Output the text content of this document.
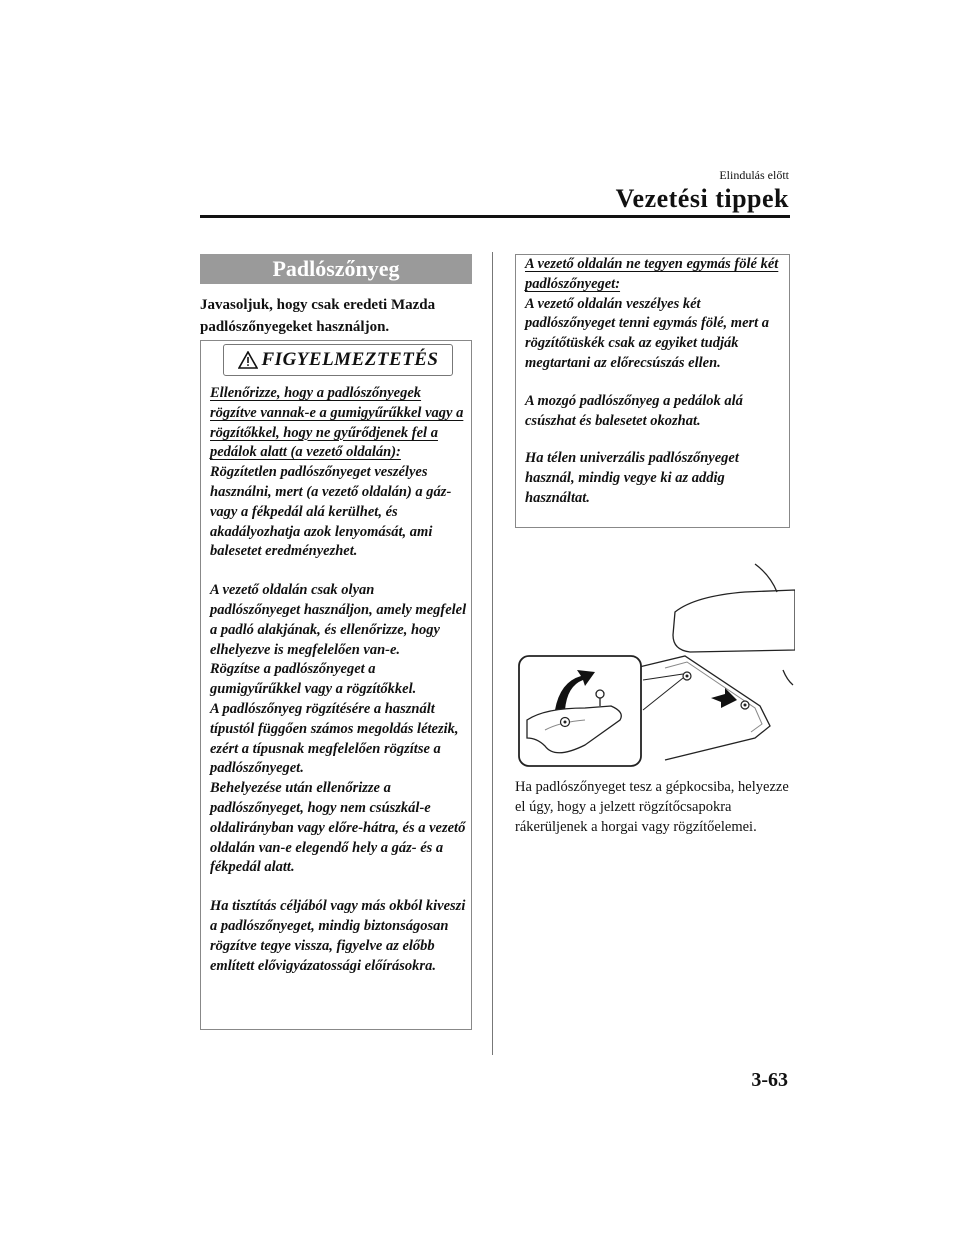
Elindulás előtt
Vezetési tippek
Padlószőnyeg
Javasoljuk, hogy csak eredeti Mazda padlószőnyegeket használjon.
FIGYELMEZTETÉS

Ellenőrizze, hogy a padlószőnyegek rögzítve vannak-e a gumigyűrűkkel vagy a rögzítőkkel, hogy ne gyűrődjenek fel a pedálok alatt (a vezető oldalán):

Rögzítetlen padlószőnyeget veszélyes használni, mert (a vezető oldalán) a gáz- vagy a fékpedál alá kerülhet, és akadályozhatja azok lenyomását, ami balesetet eredményezhet.

A vezető oldalán csak olyan padlószőnyeget használjon, amely megfelel a padló alakjának, és ellenőrizze, hogy elhelyezve is megfelelően van-e.

Rögzítse a padlószőnyeget a gumigyűrűkkel vagy a rögzítőkkel.

A padlószőnyeg rögzítésére a használt típustól függően számos megoldás létezik, ezért a típusnak megfelelően rögzítse a padlószőnyeget.

Behelyezése után ellenőrizze a padlószőnyeget, hogy nem csúszkál-e oldalirányban vagy előre-hátra, és a vezető oldalán van-e elegendő hely a gáz- és a fékpedál alatt.

Ha tisztítás céljából vagy más okból kiveszi a padlószőnyeget, mindig biztonságosan rögzítve tegye vissza, figyelve az előbb említett elővigyázatossági előírásokra.

A vezető oldalán ne tegyen egymás fölé két padlószőnyeget:

A vezető oldalán veszélyes két padlószőnyeget tenni egymás fölé, mert a rögzítőtüskék csak az egyiket tudják megtartani az előrecsúszás ellen.

A mozgó padlószőnyeg a pedálok alá csúszhat és balesetet okozhat.

Ha télen univerzális padlószőnyeget használ, mindig vegye ki az addig használtat.

Ha padlószőnyeget tesz a gépkocsiba, helyezze el úgy, hogy a jelzett rögzítőcsapokra rákerüljenek a horgai vagy rögzítőelemei.
3-63
